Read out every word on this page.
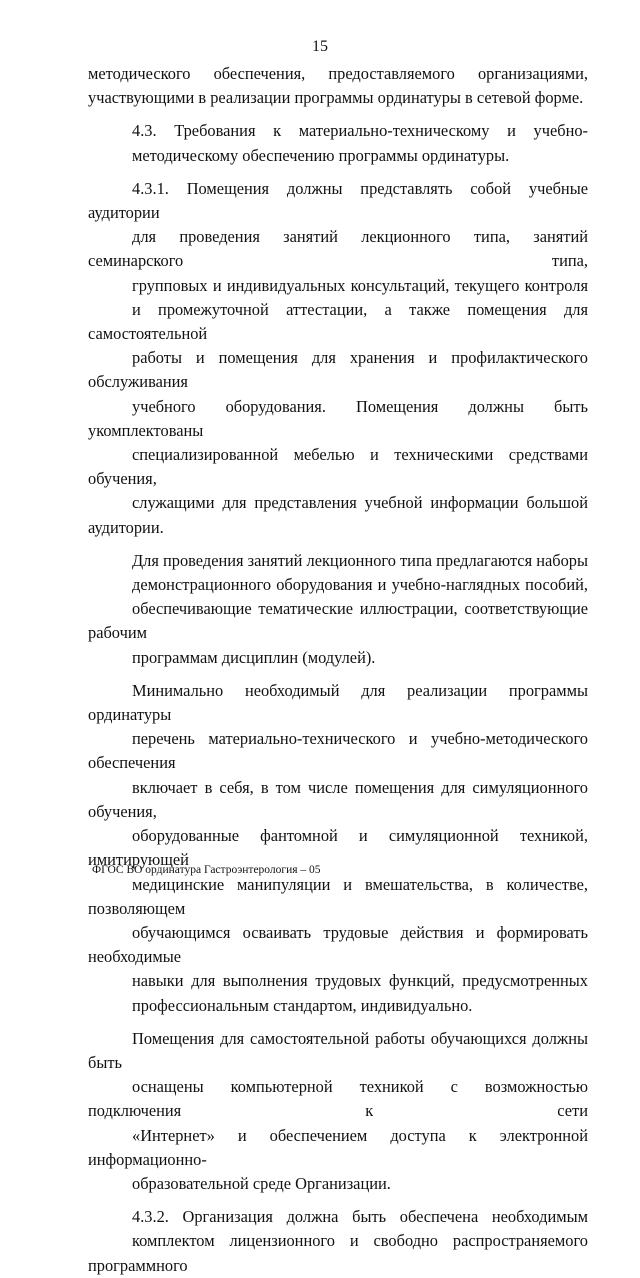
15

методического обеспечения, предоставляемого организациями,
участвующими в реализации программы ординатуры в сетевой форме.

4.3. Требования к материально-техническому и учебно-
методическому обеспечению программы ординатуры.

4.3.1. Помещения должны представлять собой учебные аудитории
для проведения занятий лекционного типа, занятий семинарского типа,
групповых и индивидуальных консультаций, текущего контроля
и промежуточной аттестации, а также помещения для самостоятельной
работы и помещения для хранения и профилактического обслуживания
учебного оборудования. Помещения должны быть укомплектованы
специализированной мебелью и техническими средствами обучения,
служащими для представления учебной информации большой аудитории.

Для проведения занятий лекционного типа предлагаются наборы
демонстрационного оборудования и учебно-наглядных пособий,
обеспечивающие тематические иллюстрации, соответствующие рабочим
программам дисциплин (модулей).

Минимально необходимый для реализации программы ординатуры
перечень материально-технического и учебно-методического обеспечения
включает в себя, в том числе помещения для симуляционного обучения,
оборудованные фантомной и симуляционной техникой, имитирующей
медицинские манипуляции и вмешательства, в количестве, позволяющем
обучающимся осваивать трудовые действия и формировать необходимые
навыки для выполнения трудовых функций, предусмотренных
профессиональным стандартом, индивидуально.

Помещения для самостоятельной работы обучающихся должны быть
оснащены компьютерной техникой с возможностью подключения к сети
«Интернет» и обеспечением доступа к электронной информационно-
образовательной среде Организации.

4.3.2. Организация должна быть обеспечена необходимым
комплектом лицензионного и свободно распространяемого программного

ФГОС ВО ординатура Гастроэнтерология – 05
